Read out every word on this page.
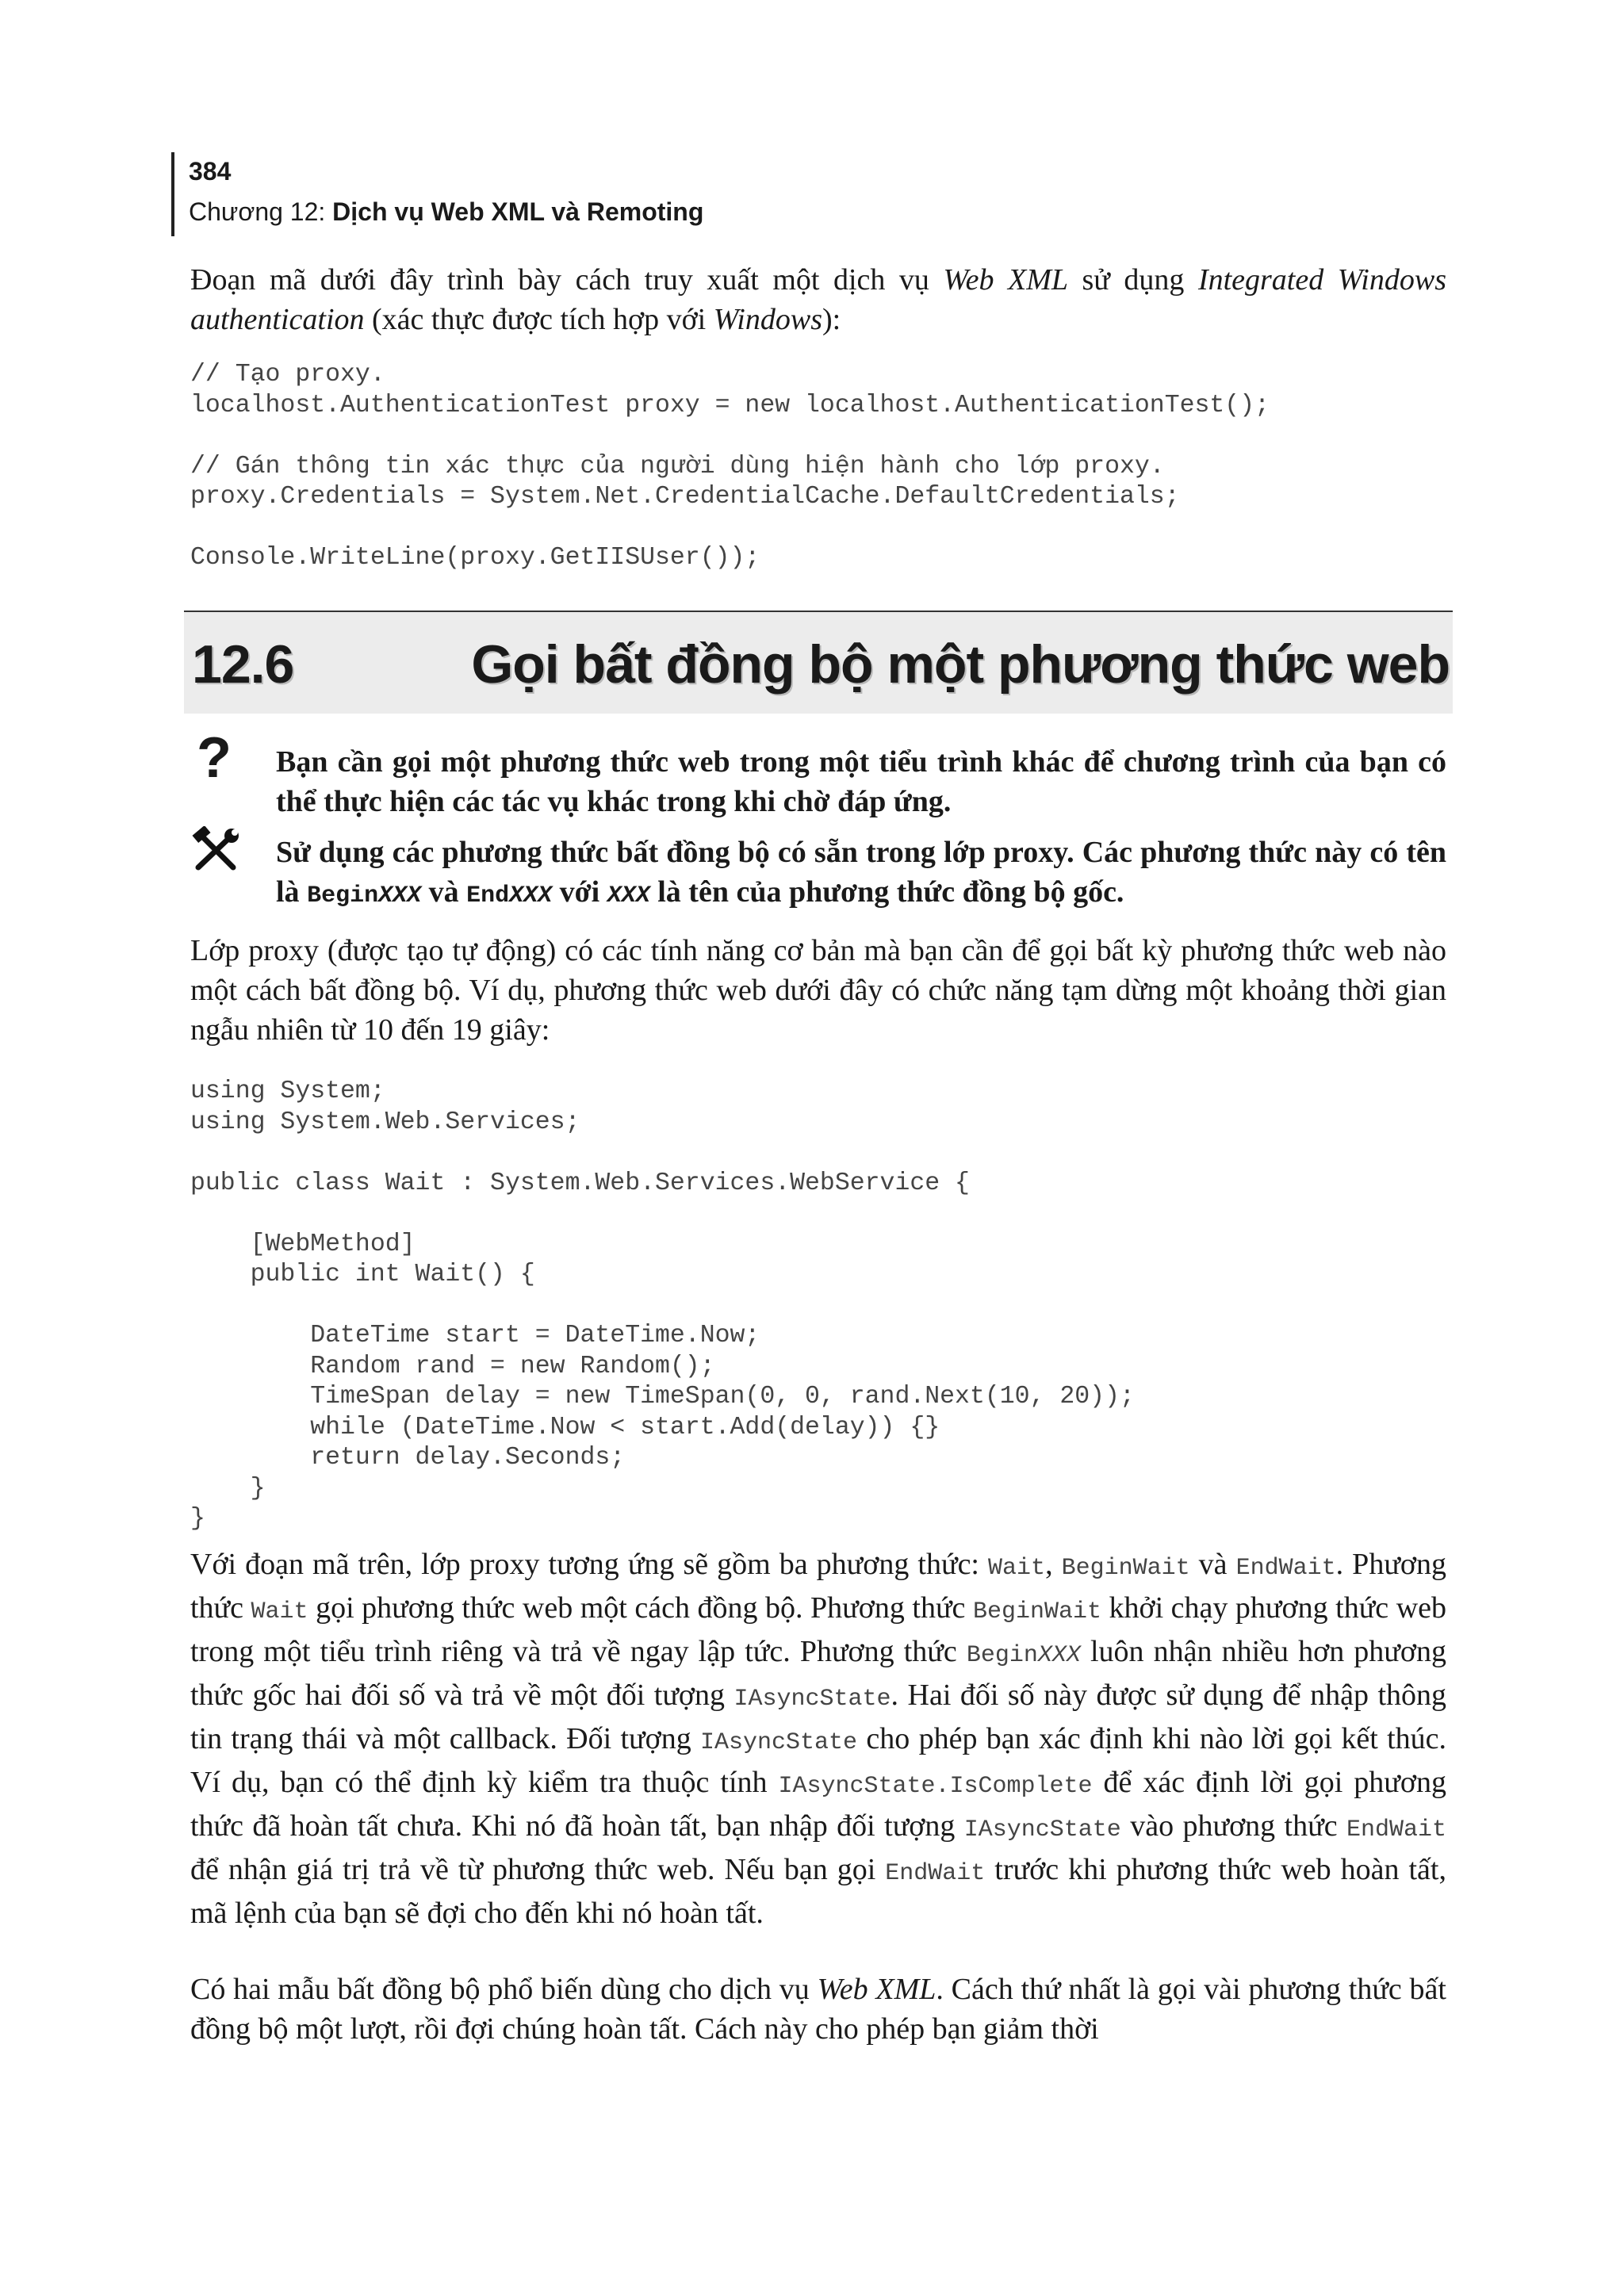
384
Chương 12: Dịch vụ Web XML và Remoting
Đoạn mã dưới đây trình bày cách truy xuất một dịch vụ Web XML sử dụng Integrated Windows authentication (xác thực được tích hợp với Windows):
// Tạo proxy.
localhost.AuthenticationTest proxy = new localhost.AuthenticationTest();

// Gán thông tin xác thực của người dùng hiện hành cho lớp proxy.
proxy.Credentials = System.Net.CredentialCache.DefaultCredentials;

Console.WriteLine(proxy.GetIISUser());
12.6	Gọi bất đồng bộ một phương thức web
? Bạn cần gọi một phương thức web trong một tiểu trình khác để chương trình của bạn có thể thực hiện các tác vụ khác trong khi chờ đáp ứng.
Sử dụng các phương thức bất đồng bộ có sẵn trong lớp proxy. Các phương thức này có tên là BeginXXX và EndXXX với XXX là tên của phương thức đồng bộ gốc.
Lớp proxy (được tạo tự động) có các tính năng cơ bản mà bạn cần để gọi bất kỳ phương thức web nào một cách bất đồng bộ. Ví dụ, phương thức web dưới đây có chức năng tạm dừng một khoảng thời gian ngẫu nhiên từ 10 đến 19 giây:
using System;
using System.Web.Services;

public class Wait : System.Web.Services.WebService {

[WebMethod]
public int Wait() {

DateTime start = DateTime.Now;
Random rand = new Random();
TimeSpan delay = new TimeSpan(0, 0, rand.Next(10, 20));
while (DateTime.Now < start.Add(delay)) {}
return delay.Seconds;
}
}
Với đoạn mã trên, lớp proxy tương ứng sẽ gồm ba phương thức: Wait, BeginWait và EndWait. Phương thức Wait gọi phương thức web một cách đồng bộ. Phương thức BeginWait khởi chạy phương thức web trong một tiểu trình riêng và trả về ngay lập tức. Phương thức BeginXXX luôn nhận nhiều hơn phương thức gốc hai đối số và trả về một đối tượng IAsyncState. Hai đối số này được sử dụng để nhập thông tin trạng thái và một callback. Đối tượng IAsyncState cho phép bạn xác định khi nào lời gọi kết thúc. Ví dụ, bạn có thể định kỳ kiểm tra thuộc tính IAsyncState.IsComplete để xác định lời gọi phương thức đã hoàn tất chưa. Khi nó đã hoàn tất, bạn nhập đối tượng IAsyncState vào phương thức EndWait để nhận giá trị trả về từ phương thức web. Nếu bạn gọi EndWait trước khi phương thức web hoàn tất, mã lệnh của bạn sẽ đợi cho đến khi nó hoàn tất.
Có hai mẫu bất đồng bộ phổ biến dùng cho dịch vụ Web XML. Cách thứ nhất là gọi vài phương thức bất đồng bộ một lượt, rồi đợi chúng hoàn tất. Cách này cho phép bạn giảm thời
